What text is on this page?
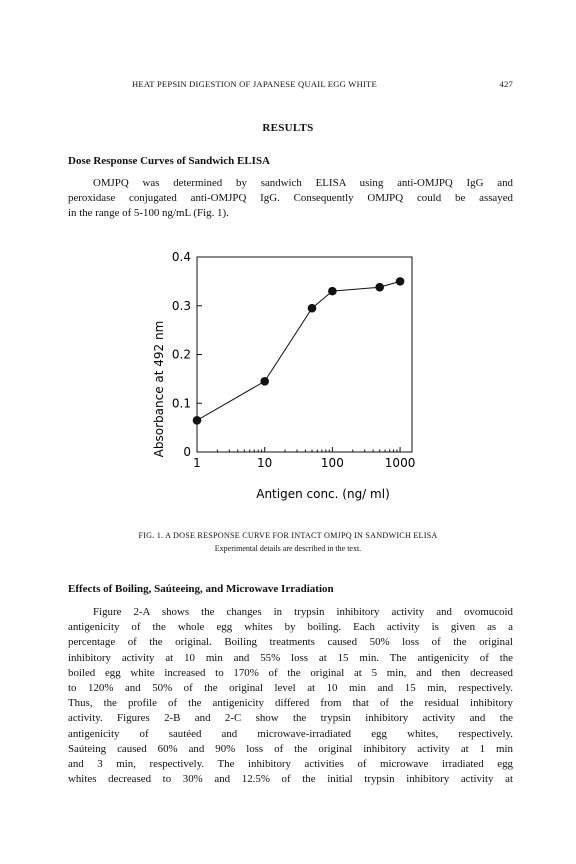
HEAT PEPSIN DIGESTION OF JAPANESE QUAIL EGG WHITE	427
RESULTS
Dose Response Curves of Sandwich ELISA

OMJPQ was determined by sandwich ELISA using anti-OMJPQ IgG and
peroxidase conjugated anti-OMJPQ IgG. Consequently OMJPQ could be assayed
in the range of 5-100 ng/mL (Fig. 1).

0
0.1
0.2
0.3
0.4
1	10	100	1000
Antigen conc. (ng/ ml)
Absorbance at 492 nm
FIG. 1. A DOSE RESPONSE CURVE FOR INTACT OMJPQ IN SANDWICH ELISA
Experimental details are described in the text.
Effects of Boiling, Saúteeing, and Microwave Irradiation

Figure 2-A shows the changes in trypsin inhibitory activity and ovomucoid
antigenicity of the whole egg whites by boiling. Each activity is given as a
percentage of the original. Boiling treatments caused 50% loss of the original
inhibitory activity at 10 min and 55% loss at 15 min. The antigenicity of the
boiled egg white increased to 170% of the original at 5 min, and then decreased
to 120% and 50% of the original level at 10 min and 15 min, respectively.
Thus, the profile of the antigenicity differed from that of the residual inhibitory
activity. Figures 2-B and 2-C show the trypsin inhibitory activity and the
antigenicity of sautéed and microwave-irradiated egg whites, respectively.
Saúteing caused 60% and 90% loss of the original inhibitory activity at 1 min
and 3 min, respectively. The inhibitory activities of microwave irradiated egg
whites decreased to 30% and 12.5% of the initial trypsin inhibitory activity at
